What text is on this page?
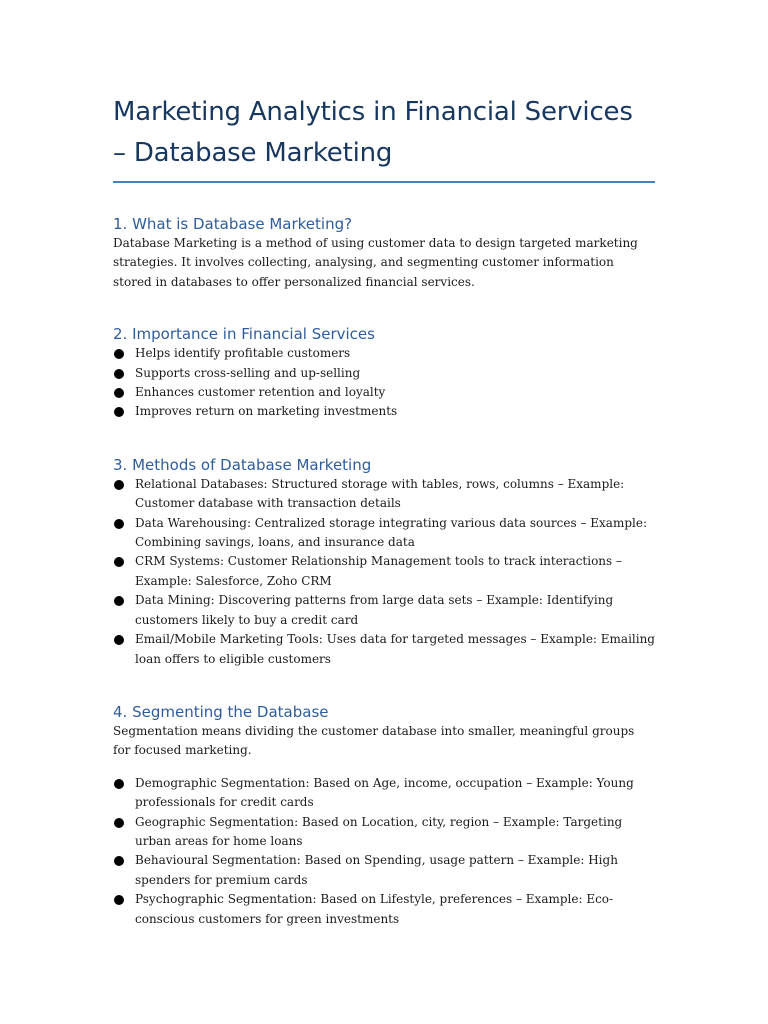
Marketing Analytics in Financial Services
– Database Marketing
1. What is Database Marketing?

Database Marketing is a method of using customer data to design targeted marketing strategies. It involves collecting, analysing, and segmenting customer information stored in databases to offer personalized financial services.

2. Importance in Financial Services
Helps identify profitable customers
Supports cross-selling and up-selling
Enhances customer retention and loyalty
Improves return on marketing investments
3. Methods of Database Marketing
Relational Databases: Structured storage with tables, rows, columns – Example: Customer database with transaction details
Data Warehousing: Centralized storage integrating various data sources – Example: Combining savings, loans, and insurance data
CRM Systems: Customer Relationship Management tools to track interactions – Example: Salesforce, Zoho CRM
Data Mining: Discovering patterns from large data sets – Example: Identifying customers likely to buy a credit card
Email/Mobile Marketing Tools: Uses data for targeted messages – Example: Emailing loan offers to eligible customers
4. Segmenting the Database

Segmentation means dividing the customer database into smaller, meaningful groups for focused marketing.

Demographic Segmentation: Based on Age, income, occupation – Example: Young professionals for credit cards
Geographic Segmentation: Based on Location, city, region – Example: Targeting urban areas for home loans
Behavioural Segmentation: Based on Spending, usage pattern – Example: High spenders for premium cards
Psychographic Segmentation: Based on Lifestyle, preferences – Example: Eco-conscious customers for green investments
